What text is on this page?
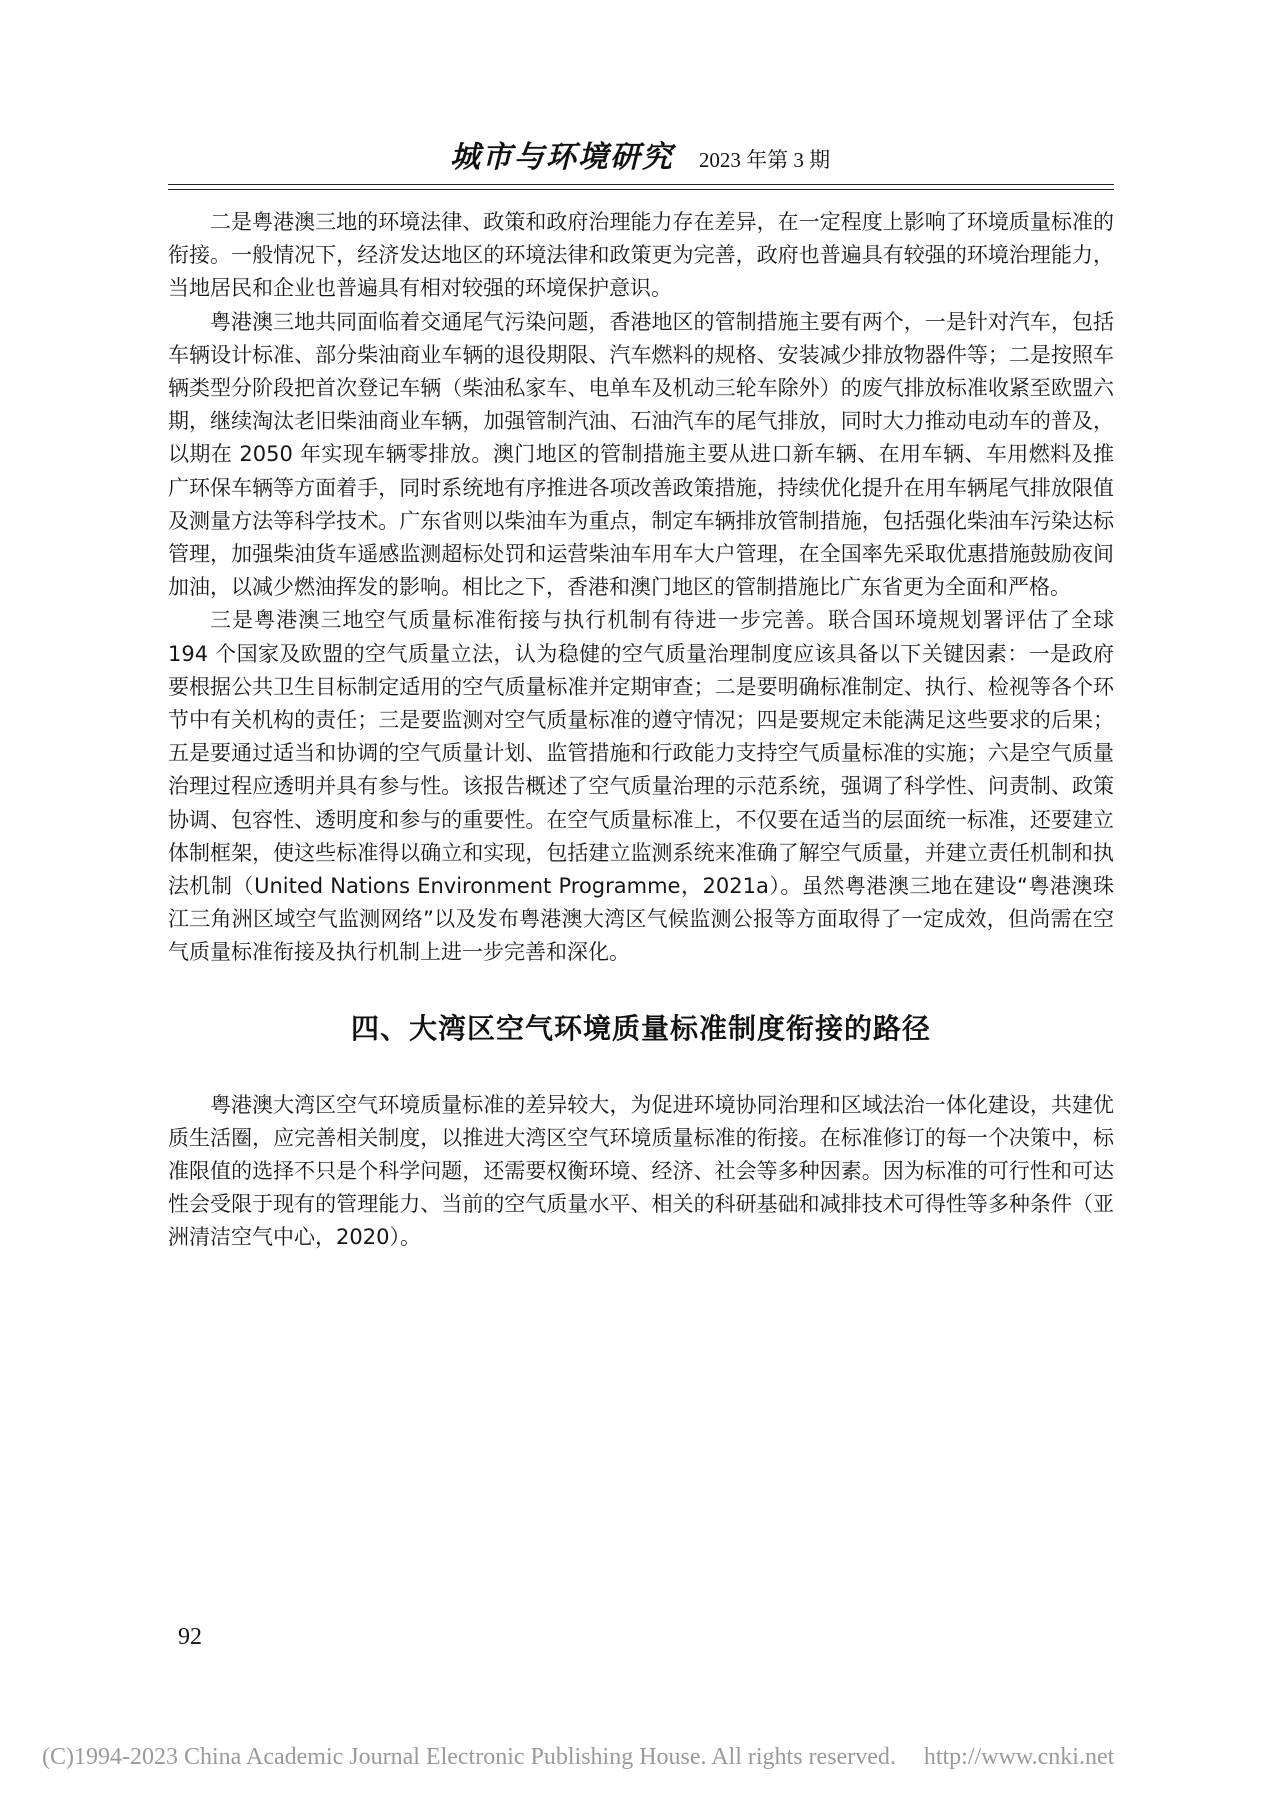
城市与环境研究 2023 年第 3 期

二是粤港澳三地的环境法律、政策和政府治理能力存在差异，在一定程度上影响了环境质量标准的衔接。一般情况下，经济发达地区的环境法律和政策更为完善，政府也普遍具有较强的环境治理能力，当地居民和企业也普遍具有相对较强的环境保护意识。

粤港澳三地共同面临着交通尾气污染问题，香港地区的管制措施主要有两个，一是针对汽车，包括车辆设计标准、部分柴油商业车辆的退役期限、汽车燃料的规格、安装减少排放物器件等；二是按照车辆类型分阶段把首次登记车辆（柴油私家车、电单车及机动三轮车除外）的废气排放标准收紧至欧盟六期，继续淘汰老旧柴油商业车辆，加强管制汽油、石油汽车的尾气排放，同时大力推动电动车的普及，以期在 2050 年实现车辆零排放。澳门地区的管制措施主要从进口新车辆、在用车辆、车用燃料及推广环保车辆等方面着手，同时系统地有序推进各项改善政策措施，持续优化提升在用车辆尾气排放限值及测量方法等科学技术。广东省则以柴油车为重点，制定车辆排放管制措施，包括强化柴油车污染达标管理，加强柴油货车遥感监测超标处罚和运营柴油车用车大户管理，在全国率先采取优惠措施鼓励夜间加油，以减少燃油挥发的影响。相比之下，香港和澳门地区的管制措施比广东省更为全面和严格。

三是粤港澳三地空气质量标准衔接与执行机制有待进一步完善。联合国环境规划署评估了全球 194 个国家及欧盟的空气质量立法，认为稳健的空气质量治理制度应该具备以下关键因素：一是政府要根据公共卫生目标制定适用的空气质量标准并定期审查；二是要明确标准制定、执行、检视等各个环节中有关机构的责任；三是要监测对空气质量标准的遵守情况；四是要规定未能满足这些要求的后果；五是要通过适当和协调的空气质量计划、监管措施和行政能力支持空气质量标准的实施；六是空气质量治理过程应透明并具有参与性。该报告概述了空气质量治理的示范系统，强调了科学性、问责制、政策协调、包容性、透明度和参与的重要性。在空气质量标准上，不仅要在适当的层面统一标准，还要建立体制框架，使这些标准得以确立和实现，包括建立监测系统来准确了解空气质量，并建立责任机制和执法机制（United Nations Environment Programme，2021a）。虽然粤港澳三地在建设“粤港澳珠江三角洲区域空气监测网络”以及发布粤港澳大湾区气候监测公报等方面取得了一定成效，但尚需在空气质量标准衔接及执行机制上进一步完善和深化。

四、大湾区空气环境质量标准制度衔接的路径

粤港澳大湾区空气环境质量标准的差异较大，为促进环境协同治理和区域法治一体化建设，共建优质生活圈，应完善相关制度，以推进大湾区空气环境质量标准的衔接。在标准修订的每一个决策中，标准限值的选择不只是个科学问题，还需要权衡环境、经济、社会等多种因素。因为标准的可行性和可达性会受限于现有的管理能力、当前的空气质量水平、相关的科研基础和减排技术可得性等多种条件（亚洲清洁空气中心，2020）。

92
(C)1994-2023 China Academic Journal Electronic Publishing House. All rights reserved. http://www.cnki.net
